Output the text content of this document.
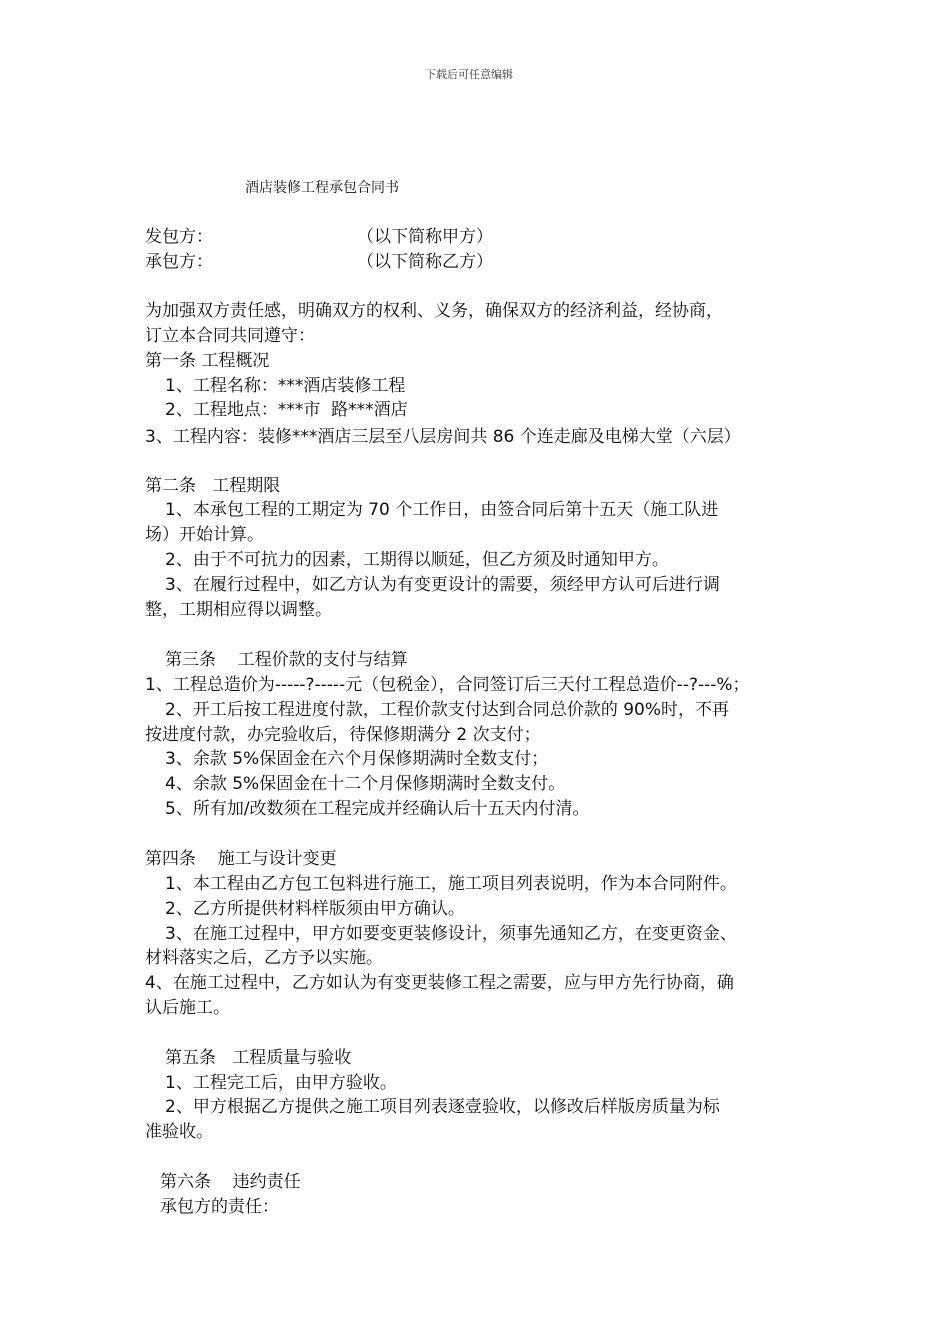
下载后可任意编辑
酒店装修工程承包合同书
发包方：	（以下简称甲方）
承包方：	（以下简称乙方）
为加强双方责任感，明确双方的权利、义务，确保双方的经济利益，经协商，
订立本合同共同遵守：
第一条 工程概况
1、工程名称：***酒店装修工程
2、工程地点：***市  路***酒店
3、工程内容：装修***酒店三层至八层房间共 86 个连走廊及电梯大堂（六层）
第二条   工程期限
1、本承包工程的工期定为 70 个工作日，由签合同后第十五天（施工队进
场）开始计算。
2、由于不可抗力的因素，工期得以顺延，但乙方须及时通知甲方。
3、在履行过程中，如乙方认为有变更设计的需要，须经甲方认可后进行调
整，工期相应得以调整。
第三条    工程价款的支付与结算
1、工程总造价为-----?-----元（包税金），合同签订后三天付工程总造价--?---%；
2、开工后按工程进度付款，工程价款支付达到合同总价款的 90%时，不再
按进度付款，办完验收后，待保修期满分 2 次支付；
3、余款 5%保固金在六个月保修期满时全数支付；
4、余款 5%保固金在十二个月保修期满时全数支付。
5、所有加/改数须在工程完成并经确认后十五天内付清。
第四条    施工与设计变更
1、本工程由乙方包工包料进行施工，施工项目列表说明，作为本合同附件。
2、乙方所提供材料样版须由甲方确认。
3、在施工过程中，甲方如要变更装修设计，须事先通知乙方，在变更资金、
材料落实之后，乙方予以实施。
4、在施工过程中，乙方如认为有变更装修工程之需要，应与甲方先行协商，确
认后施工。
第五条   工程质量与验收
1、工程完工后，由甲方验收。
2、甲方根据乙方提供之施工项目列表逐壹验收，以修改后样版房质量为标
准验收。
第六条    违约责任
承包方的责任：
